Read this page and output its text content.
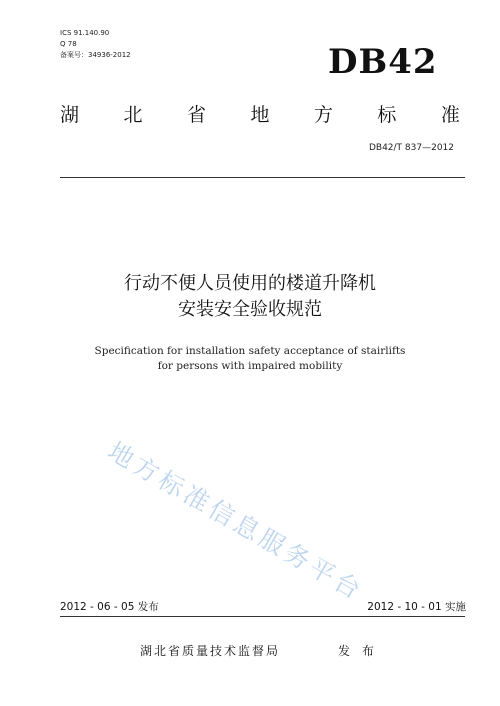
ICS 91.140.90
Q 78
备案号：34936-2012	DB42
湖 北 省 地 方 标 准
DB42/T 837—2012
行动不便人员使用的楼道升降机
安装安全验收规范
Specification for installation safety acceptance of stairlifts
for persons with impaired mobility
地方标准信息服务平台
2012 - 06 - 05 发布	2012 - 10 - 01 实施
湖北省质量技术监督局	发 布
